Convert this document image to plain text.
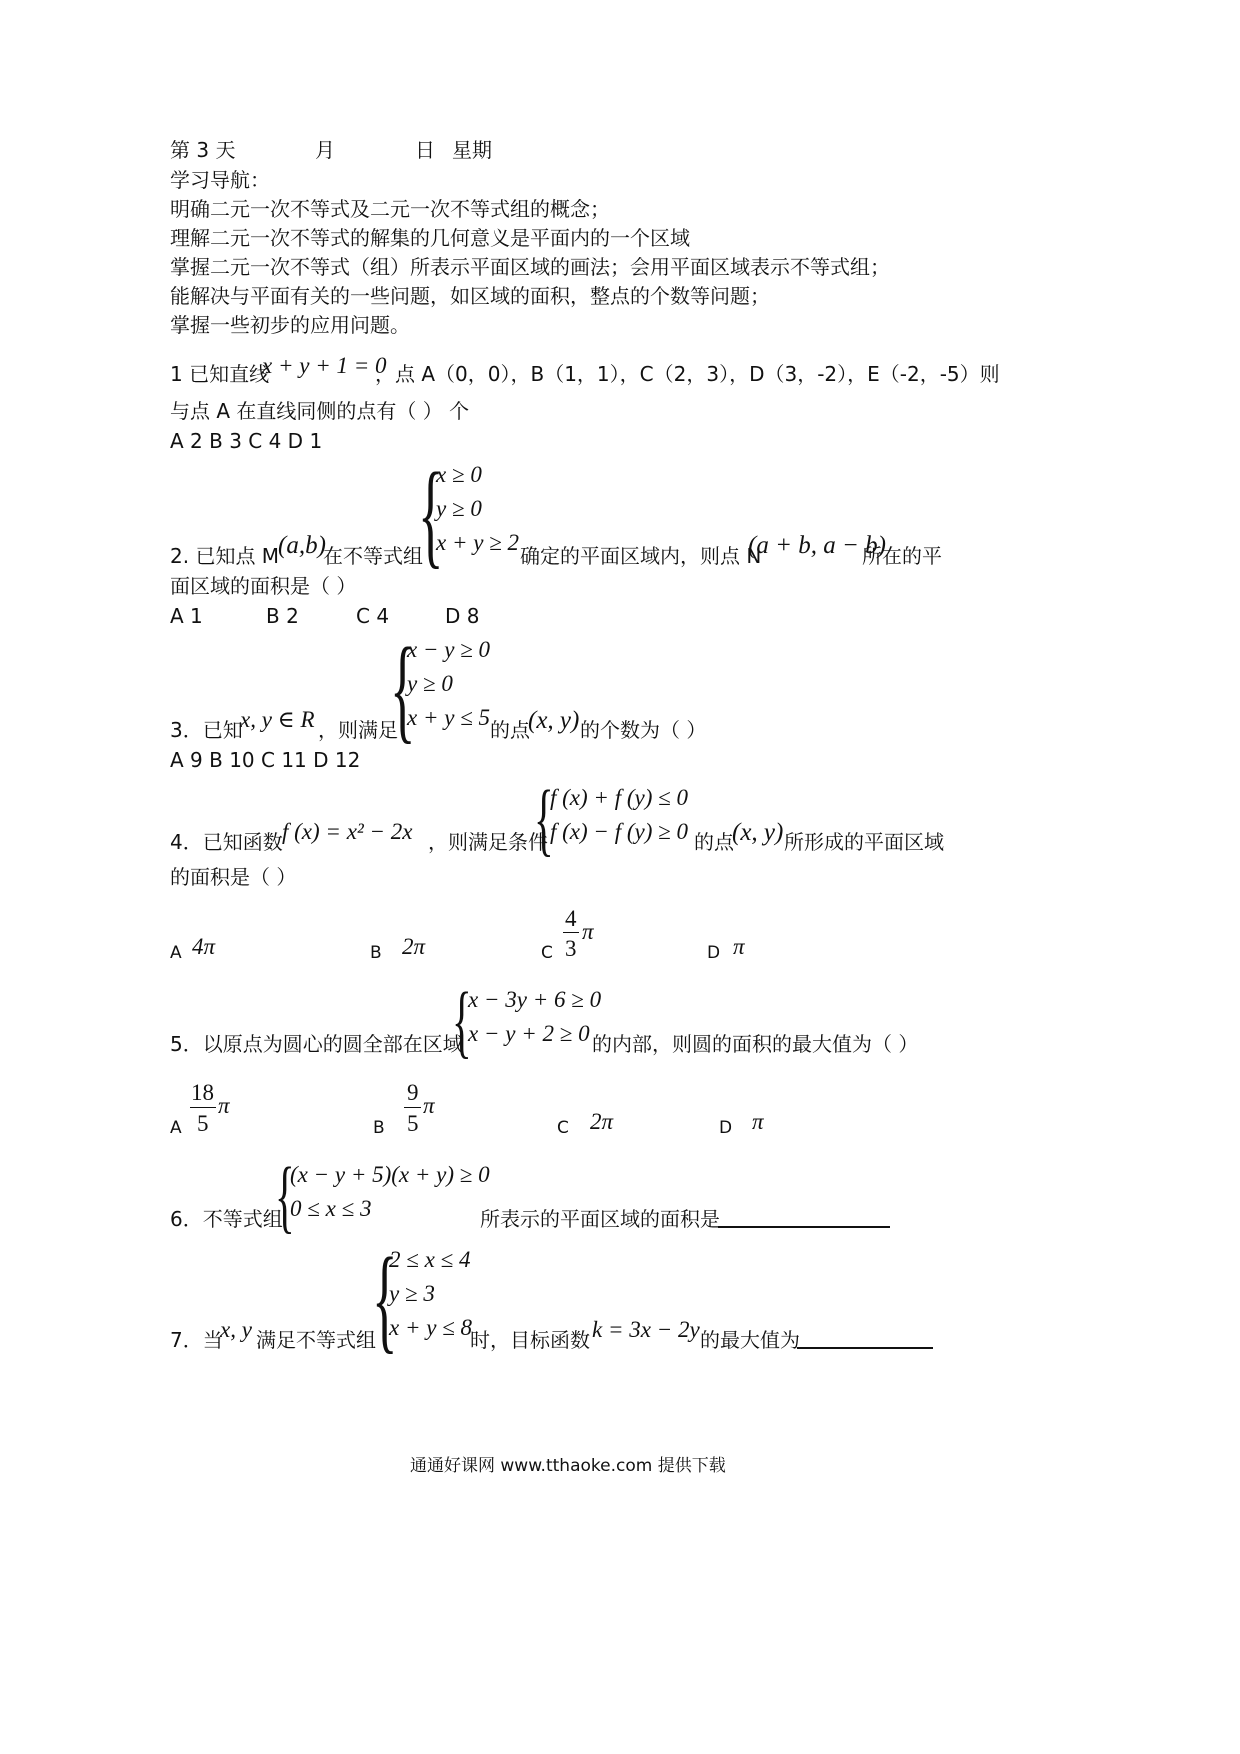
第 3 天	月	日 星期
学习导航：
明确二元一次不等式及二元一次不等式组的概念；
理解二元一次不等式的解集的几何意义是平面内的一个区域
掌握二元一次不等式（组）所表示平面区域的画法；会用平面区域表示不等式组；
能解决与平面有关的一些问题，如区域的面积，整点的个数等问题；
掌握一些初步的应用问题。
1 已知直线
x + y + 1 = 0
，点 A（0，0），B（1，1），C（2，3），D（3，-2），E（-2，-5）则
与点 A 在直线同侧的点有（ ） 个
A 2 B 3 C 4 D 1
{
x ≥ 0
y ≥ 0
x + y ≥ 2
2. 已知点 M
(a,b)
在不等式组	确定的平面区域内，则点 N
(a + b, a − b)
所在的平
面区域的面积是（ ）
A 1	B 2	C 4	D 8
{
x − y ≥ 0
y ≥ 0
x + y ≤ 5
3．已知
x, y ∈ R ，则满足	的点
(x, y) 的个数为（ ）
A 9 B 10 C 11 D 12
{
f (x) + f (y) ≤ 0
f (x) − f (y) ≥ 0
4．已知函数 f (x) = x² − 2x ，则满足条件	的点
(x, y) 所形成的平面区域
的面积是（ ）
A 4π	B 2π	C
4
3
π
D π
{
x − 3y + 6 ≥ 0
x − y + 2 ≥ 0
5．以原点为圆心的圆全部在区域	的内部，则圆的面积的最大值为（ ）
A
18
5
π
B
9
5
π
C 2π	D π
{
(x − y + 5)(x + y) ≥ 0
0 ≤ x ≤ 3
6．不等式组	所表示的平面区域的面积是
{
2 ≤ x ≤ 4
y ≥ 3
x + y ≤ 8
7．当
x, y 满足不等式组	时，目标函数 k = 3x − 2y 的最大值为
通通好课网 www.tthaoke.com 提供下载
